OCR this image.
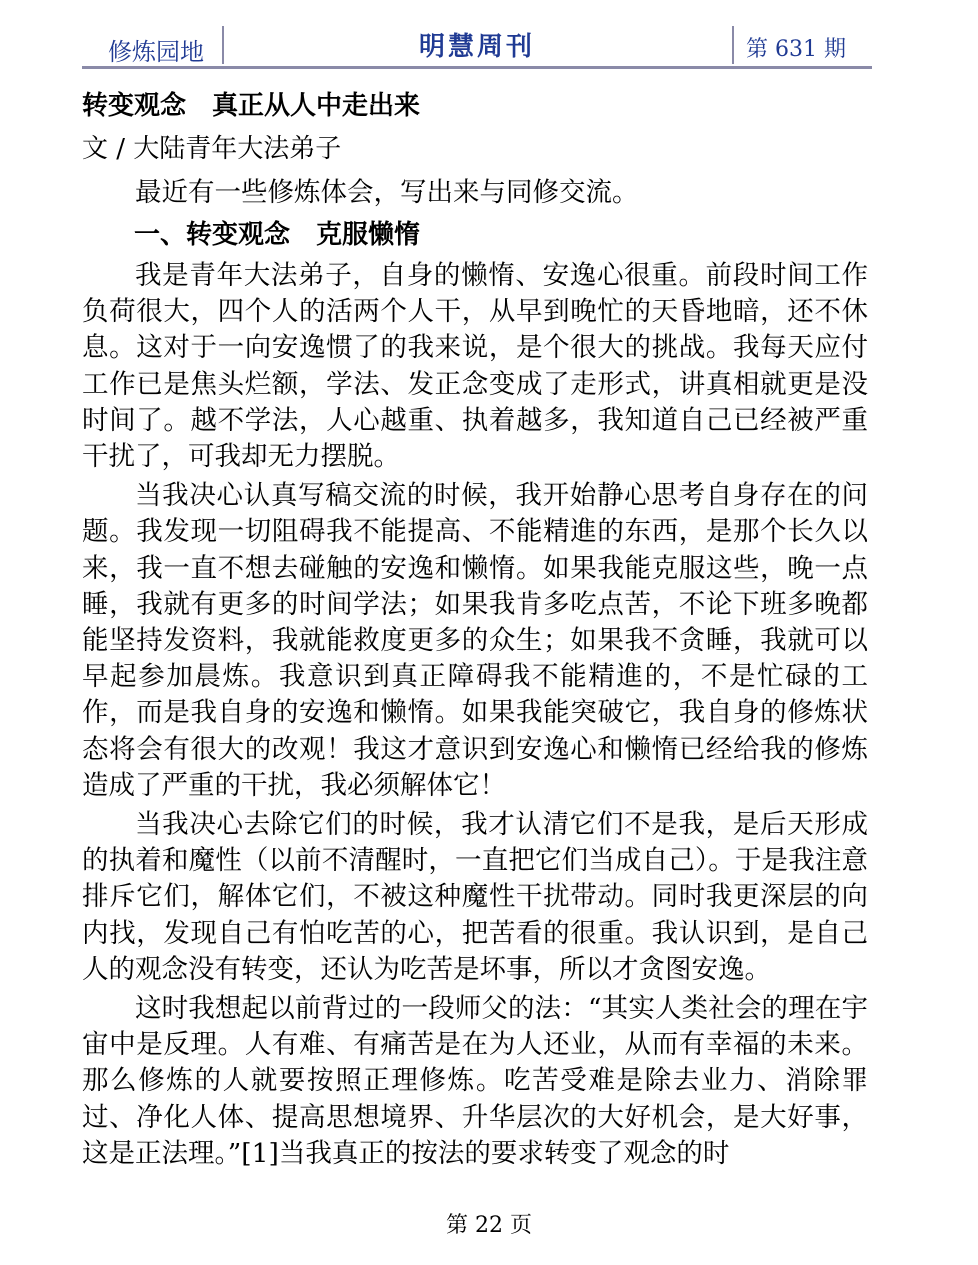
修炼园地	明慧周刊	第 631 期

转变观念　真正从人中走出来

文 / 大陆青年大法弟子

最近有一些修炼体会，写出来与同修交流。

一、转变观念　克服懒惰

我是青年大法弟子，自身的懒惰、安逸心很重。前段时间工作负荷很大，四个人的活两个人干，从早到晚忙的天昏地暗，还不休息。这对于一向安逸惯了的我来说，是个很大的挑战。我每天应付工作已是焦头烂额，学法、发正念变成了走形式，讲真相就更是没时间了。越不学法，人心越重、执着越多，我知道自己已经被严重干扰了，可我却无力摆脱。

当我决心认真写稿交流的时候，我开始静心思考自身存在的问题。我发现一切阻碍我不能提高、不能精進的东西，是那个长久以来，我一直不想去碰触的安逸和懒惰。如果我能克服这些，晚一点睡，我就有更多的时间学法；如果我肯多吃点苦，不论下班多晚都能坚持发资料，我就能救度更多的众生；如果我不贪睡，我就可以早起参加晨炼。我意识到真正障碍我不能精進的，不是忙碌的工作，而是我自身的安逸和懒惰。如果我能突破它，我自身的修炼状态将会有很大的改观！我这才意识到安逸心和懒惰已经给我的修炼造成了严重的干扰，我必须解体它！

当我决心去除它们的时候，我才认清它们不是我，是后天形成的执着和魔性（以前不清醒时，一直把它们当成自己）。于是我注意排斥它们，解体它们，不被这种魔性干扰带动。同时我更深层的向内找，发现自己有怕吃苦的心，把苦看的很重。我认识到，是自己人的观念没有转变，还认为吃苦是坏事，所以才贪图安逸。

这时我想起以前背过的一段师父的法：“其实人类社会的理在宇宙中是反理。人有难、有痛苦是在为人还业，从而有幸福的未来。那么修炼的人就要按照正理修炼。吃苦受难是除去业力、消除罪过、净化人体、提高思想境界、升华层次的大好机会，是大好事，这是正法理。”[1]当我真正的按法的要求转变了观念的时

第 22 页
